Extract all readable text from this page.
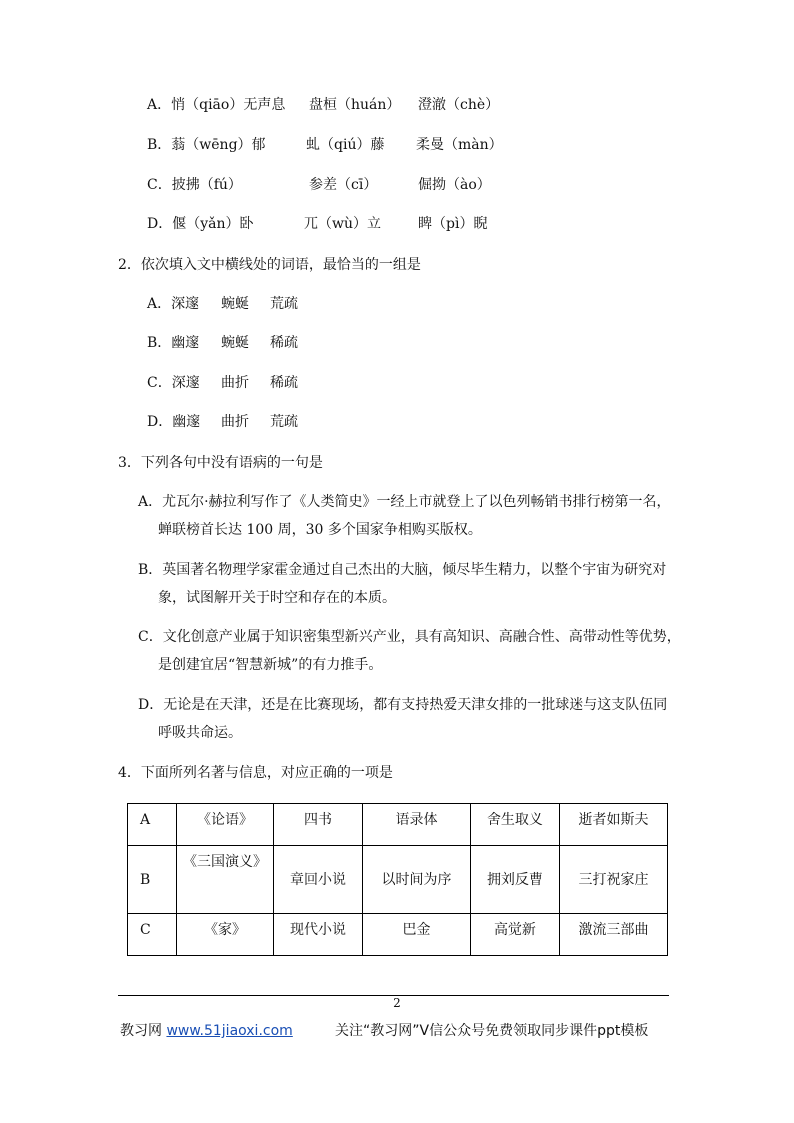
A．悄（qiāo）无声息 盘桓（huán） 澄澈（chè）
B．蓊（wēng）郁	虬（qiú）藤 柔曼（màn）
C．披拂（fú）	参差（cī）	倔拗（ào）
D．偃（yǎn）卧	兀（wù）立	睥（pì）睨
2．依次填入文中横线处的词语，最恰当的一组是
A．深邃 蜿蜒 荒疏
B．幽邃 蜿蜒 稀疏
C．深邃 曲折 稀疏
D．幽邃 曲折 荒疏
3．下列各句中没有语病的一句是
A．尤瓦尔·赫拉利写作了《人类简史》一经上市就登上了以色列畅销书排行榜第一名，
蝉联榜首长达 100 周，30 多个国家争相购买版权。
B．英国著名物理学家霍金通过自己杰出的大脑，倾尽毕生精力，以整个宇宙为研究对
象，试图解开关于时空和存在的本质。
C．文化创意产业属于知识密集型新兴产业，具有高知识、高融合性、高带动性等优势，
是创建宜居“智慧新城”的有力推手。
D．无论是在天津，还是在比赛现场，都有支持热爱天津女排的一批球迷与这支队伍同
呼吸共命运。
4．下面所列名著与信息，对应正确的一项是
A	《论语》	四书	语录体	舍生取义	逝者如斯夫
B	《三国演义》	章回小说	以时间为序	拥刘反曹	三打祝家庄
C	《家》	现代小说	巴金	高觉新	激流三部曲
2
教习网 www.51jiaoxi.com	关注“教习网”V信公众号免费领取同步课件ppt模板
